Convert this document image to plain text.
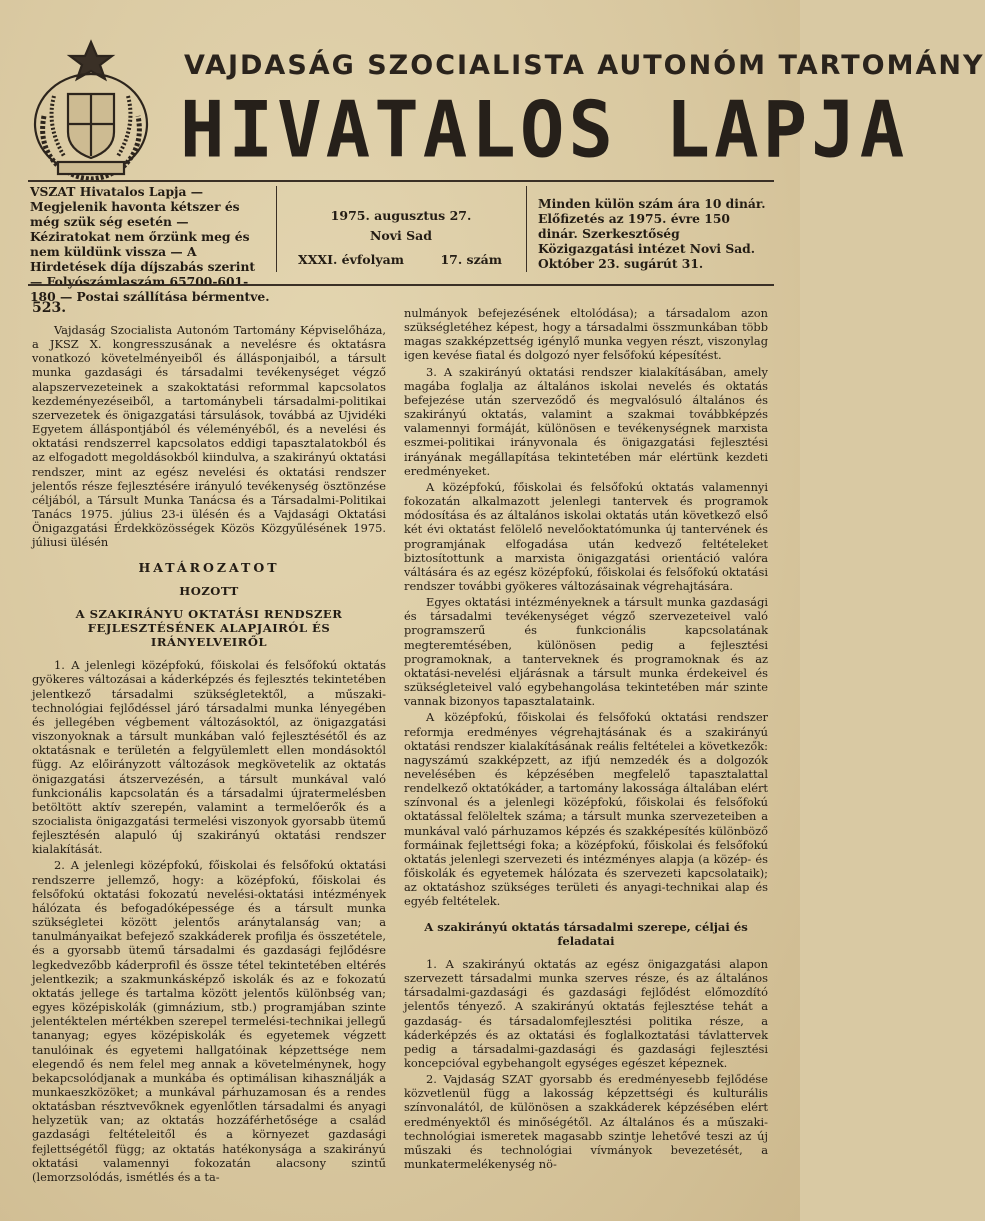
VAJDASÁG SZOCIALISTA AUTONÓM TARTOMÁNY
HIVATALOS LAPJA
VSZAT Hivatalos Lapja — Megjelenik havonta kétszer és még szük ség esetén — Kéziratokat nem őrzünk meg és nem küldünk vissza — A Hirdetések díja díjszabás szerint — Folyószámlaszám 65700-601-180 — Postai szállítása bérmentve.
1975. augusztus 27.
Novi Sad
XXXI. évfolyam	17. szám
Minden külön szám ára 10 dinár. Előfizetés az 1975. évre 150 dinár. Szerkesztőség Közigazgatási intézet Novi Sad. Október 23. sugárút 31.
523.

Vajdaság Szocialista Autonóm Tartomány Képviselőháza, a JKSZ X. kongresszusának a nevelésre és oktatásra vonatkozó követelményeiből és állásponjaiból, a társult munka gazdasági és társadalmi tevékenységet végző alapszervezeteinek a szakoktatási reformmal kapcsolatos kezdeményezéseiből, a tartománybeli társadalmi-politikai szervezetek és önigazgatási társulások, továbbá az Ujvidéki Egyetem álláspontjából és véleményéből, és a nevelési és oktatási rendszerrel kapcsolatos eddigi tapasztalatokból és az elfogadott megoldásokból kiindulva, a szakirányú oktatási rendszer, mint az egész nevelési és oktatási rendszer jelentős része fejlesztésére irányuló tevékenység ösztönzése céljából, a Társult Munka Tanácsa és a Társadalmi-Politikai Tanács 1975. július 23-i ülésén és a Vajdasági Oktatási Önigazgatási Érdekközösségek Közös Közgyűlésének 1975. júliusi ülésén

HATÁROZATOT
HOZOTT
A SZAKIRÁNYU OKTATÁSI RENDSZER FEJLESZTÉSÉNEK ALAPJAIRÓL ÉS IRÁNYELVEIRŐL

1. A jelenlegi középfokú, főiskolai és felsőfokú oktatás gyökeres változásai a káderképzés és fejlesztés tekintetében jelentkező társadalmi szükségletektől, a műszaki-technológiai fejlődéssel járó társadalmi munka lényegében és jellegében végbement változásoktól, az önigazgatási viszonyoknak a társult munkában való fejlesztésétől és az oktatásnak e területén a felgyülemlett ellen mondásoktól függ. Az előirányzott változások megkövetelik az oktatás önigazgatási átszervezésén, a társult munkával való funkcionális kapcsolatán és a társadalmi újratermelésben betöltött aktív szerepén, valamint a termelőerők és a szocialista önigazgatási termelési viszonyok gyorsabb ütemű fejlesztésén alapuló új szakirányú oktatási rendszer kialakítását.

2. A jelenlegi középfokú, főiskolai és felsőfokú oktatási rendszerre jellemző, hogy: a középfokú, főiskolai és felsőfokú oktatási fokozatú nevelési-oktatási intézmények hálózata és befogadóképessége és a társult munka szükségletei között jelentős aránytalanság van; a tanulmányaikat befejező szakkáderek profilja és összetétele, és a gyorsabb ütemű társadalmi és gazdasági fejlődésre legkedvezőbb káderprofil és össze tétel tekintetében eltérés jelentkezik; a szakmunkásképző iskolák és az e fokozatú oktatás jellege és tartalma között jelentős különbség van; egyes középiskolák (gimnázium, stb.) programjában szinte jelentéktelen mértékben szerepel termelési-technikai jellegű tananyag; egyes középiskolák és egyetemek végzett tanulóinak és egyetemi hallgatóinak képzettsége nem elegendő és nem felel meg annak a követelménynek, hogy bekapcsolódjanak a munkába és optimálisan kihasználják a munkaeszközöket; a munkával párhuzamosan és a rendes oktatásban résztvevőknek egyenlőtlen társadalmi és anyagi helyzetük van; az oktatás hozzáférhetősége a család gazdasági feltételeitől és a környezet gazdasági fejlettségétől függ; az oktatás hatékonysága a szakirányú oktatási valamennyi fokozatán alacsony szintű (lemorzsolódás, ismétlés és a ta-

nulmányok befejezésének eltolódása); a társadalom azon szükségletéhez képest, hogy a társadalmi összmunkában több magas szakképzettség igénylő munka vegyen részt, viszonylag igen kevése fiatal és dolgozó nyer felsőfokú képesítést.

3. A szakirányú oktatási rendszer kialakításában, amely magába foglalja az általános iskolai nevelés és oktatás befejezése után szerveződő és megvalósuló általános és szakirányú oktatás, valamint a szakmai továbbképzés valamennyi formáját, különösen e tevékenységnek marxista eszmei-politikai irányvonala és önigazgatási fejlesztési irányának megállapítása tekintetében már elértünk kezdeti eredményeket.

A középfokú, főiskolai és felsőfokú oktatás valamennyi fokozatán alkalmazott jelenlegi tantervek és programok módosítása és az általános iskolai oktatás után következő első két évi oktatást felölelő nevelőoktatómunka új tantervének és programjának elfogadása után kedvező feltételeket biztosítottunk a marxista önigazgatási orientáció valóra váltására és az egész középfokú, főiskolai és felsőfokú oktatási rendszer további gyökeres változásainak végrehajtására.

Egyes oktatási intézményeknek a társult munka gazdasági és társadalmi tevékenységet végző szervezeteivel való programszerű és funkcionális kapcsolatának megteremtésében, különösen pedig a fejlesztési programoknak, a tanterveknek és programoknak és az oktatási-nevelési eljárásnak a társult munka érdekeivel és szükségleteivel való egybehangolása tekintetében már szinte vannak bizonyos tapasztalataink.

A középfokú, főiskolai és felsőfokú oktatási rendszer reformja eredményes végrehajtásának és a szakirányú oktatási rendszer kialakításának reális feltételei a következők: nagyszámú szakképzett, az ifjú nemzedék és a dolgozók nevelésében és képzésében megfelelő tapasztalattal rendelkező oktatókáder, a tartomány lakossága általában elért színvonal és a jelenlegi középfokú, főiskolai és felsőfokú oktatással felöleltek száma; a társult munka szervezeteiben a munkával való párhuzamos képzés és szakképesítés különböző formáinak fejlettségi foka; a középfokú, főiskolai és felsőfokú oktatás jelenlegi szervezeti és intézményes alapja (a közép- és főiskolák és egyetemek hálózata és szervezeti kapcsolataik); az oktatáshoz szükséges területi és anyagi-technikai alap és egyéb feltételek.

A szakirányú oktatás társadalmi szerepe, céljai és feladatai

1. A szakirányú oktatás az egész önigazgatási alapon szervezett társadalmi munka szerves része, és az általános társadalmi-gazdasági és gazdasági fejlődést előmozdító jelentős tényező. A szakirányú oktatás fejlesztése tehát a gazdaság- és társadalomfejlesztési politika része, a káderképzés és az oktatási és foglalkoztatási távlattervek pedig a társadalmi-gazdasági és gazdasági fejlesztési koncepcióval egybehangolt egységes egészet képeznek.

2. Vajdaság SZAT gyorsabb és eredményesebb fejlődése közvetlenül függ a lakosság képzettségi és kulturális színvonalától, de különösen a szakkáderek képzésében elért eredményektől és minőségétől. Az általános és a műszaki-technológiai ismeretek magasabb szintje lehetővé teszi az új műszaki és technológiai vívmányok bevezetését, a munkatermelékenység nö-
